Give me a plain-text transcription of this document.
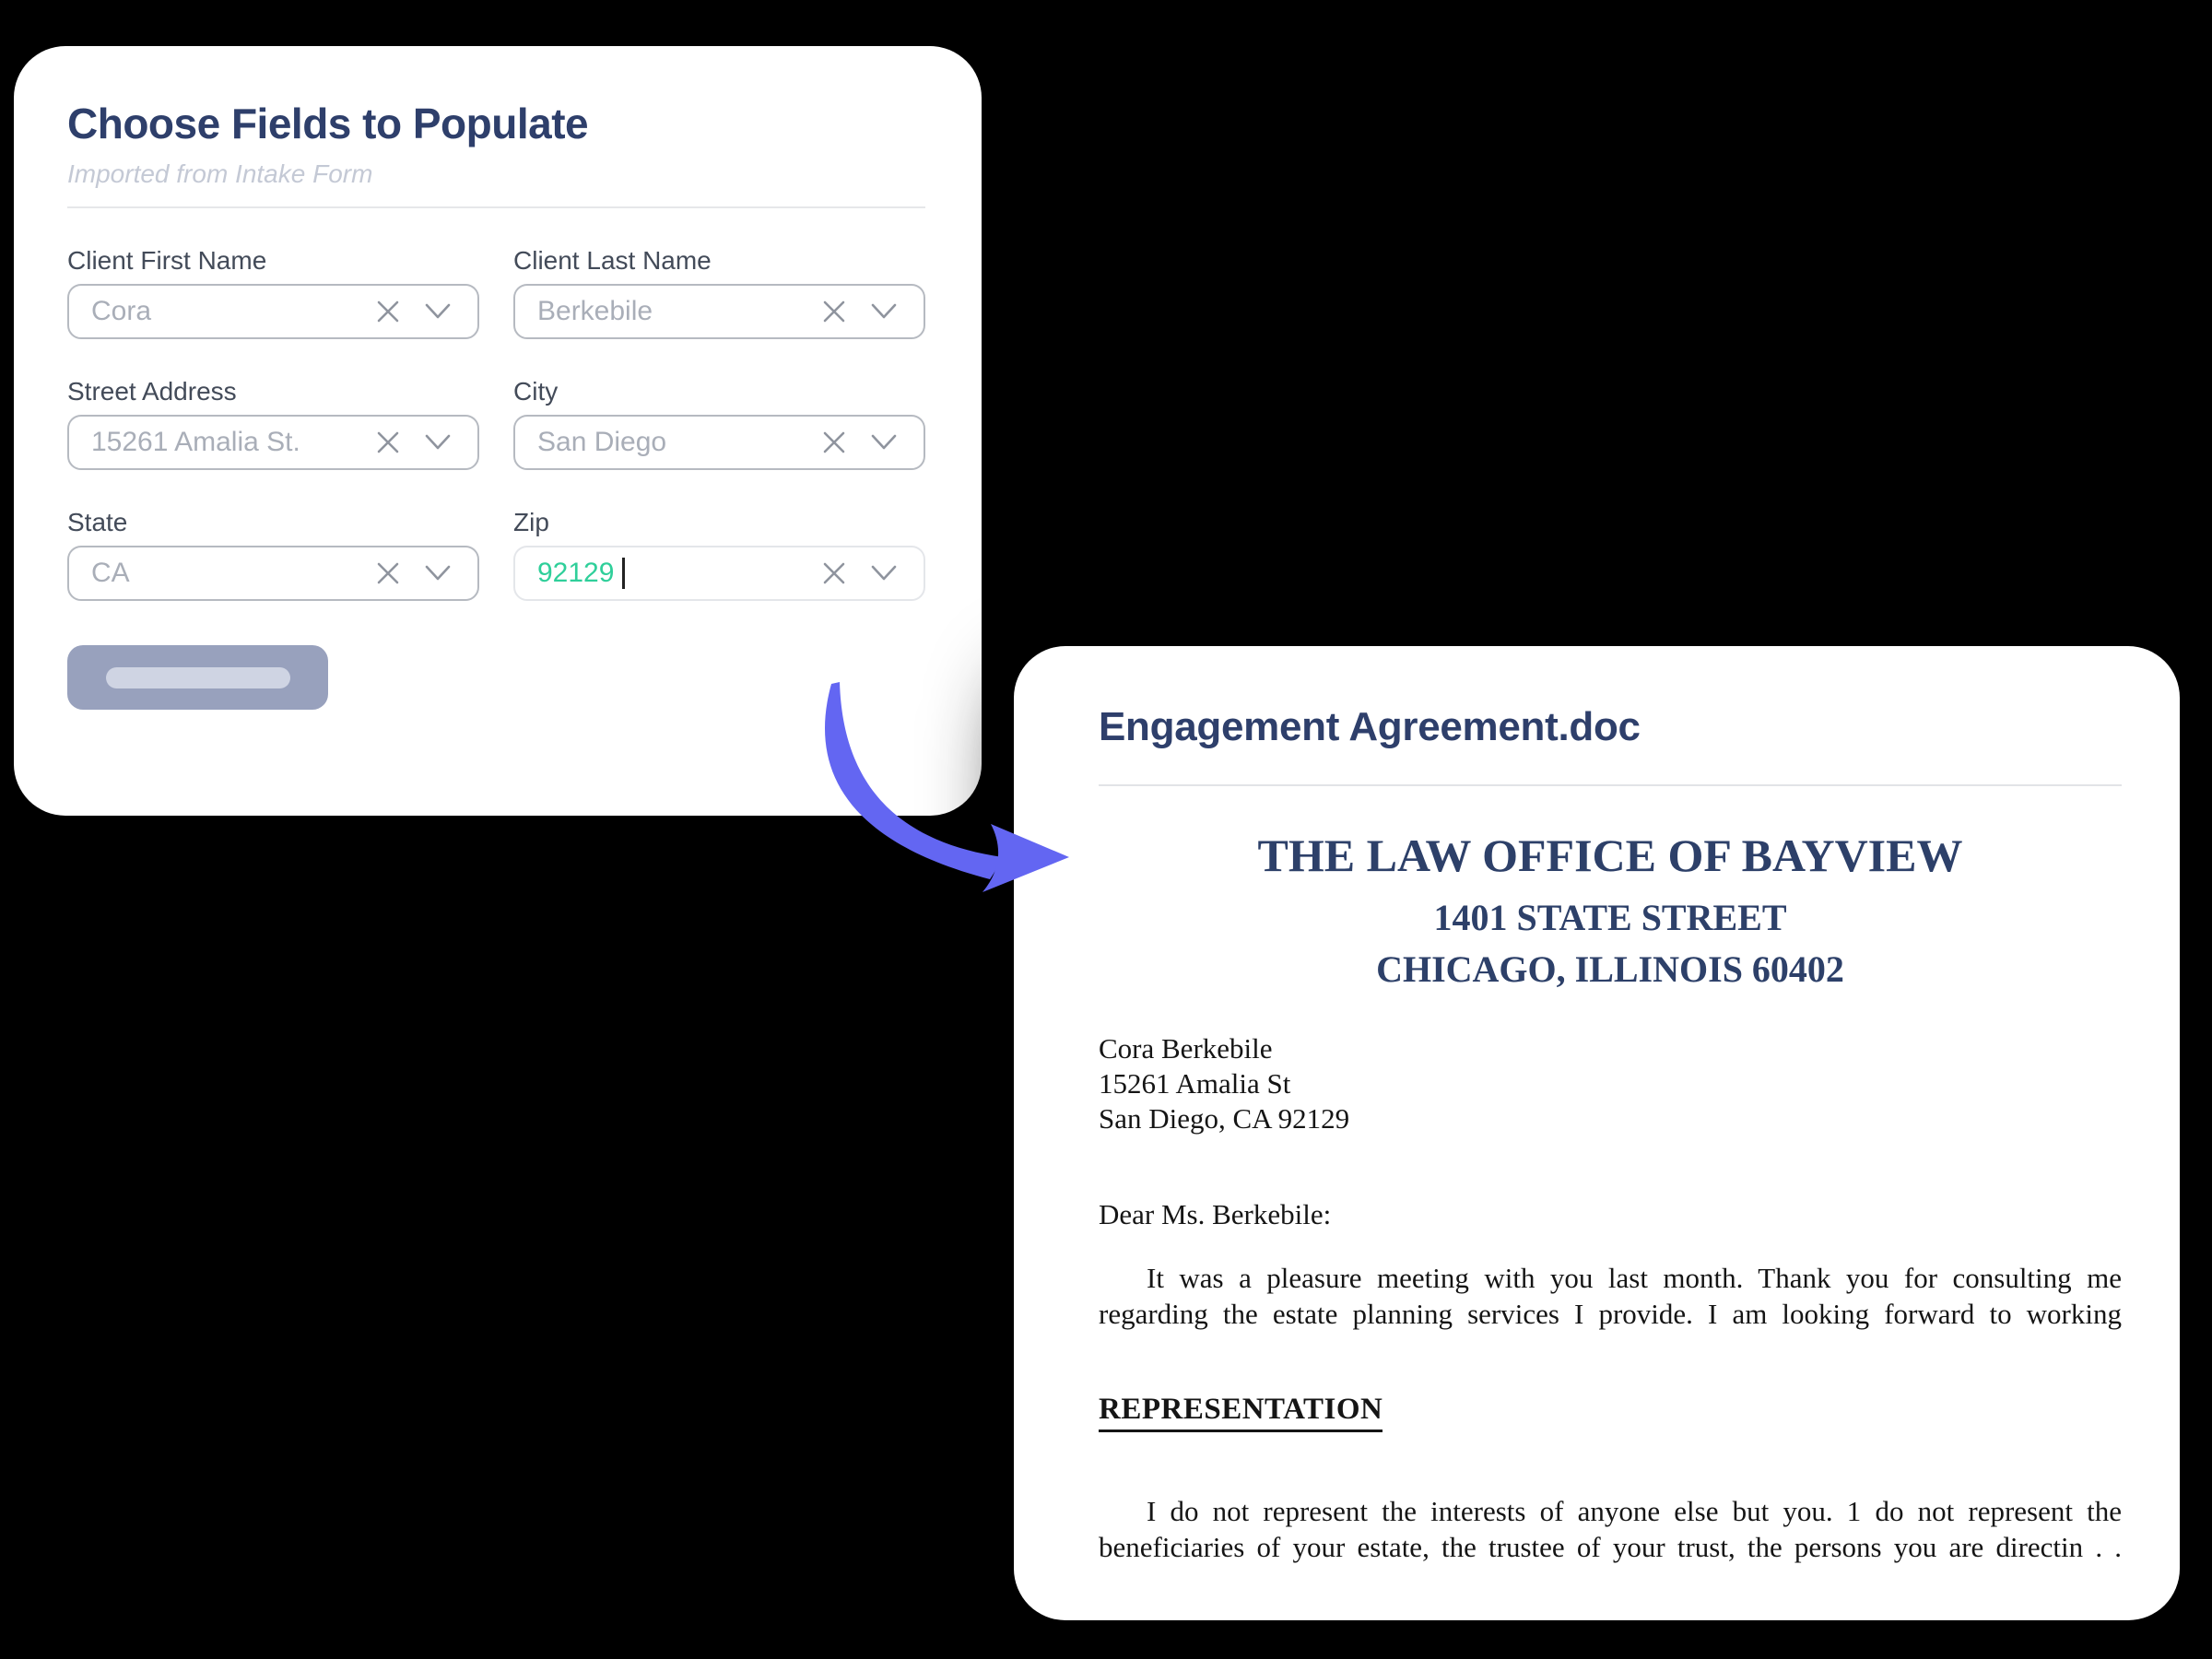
Choose Fields to Populate

Imported from Intake Form

Client First Name
Cora
Client Last Name
Berkebile
Street Address
15261 Amalia St.
City
San Diego
State
CA
Zip
92129
Engagement Agreement.doc
THE LAW OFFICE OF BAYVIEW
1401 STATE STREET
CHICAGO, ILLINOIS 60402
Cora Berkebile
15261 Amalia St
San Diego, CA 92129
Dear Ms. Berkebile:
It was a pleasure meeting with you last month. Thank you for consulting me
regarding the estate planning services I provide. I am looking forward to working
REPRESENTATION
I do not represent the interests of anyone else but you. 1 do not represent the
beneficiaries of your estate, the trustee of your trust, the persons you are directin . .
